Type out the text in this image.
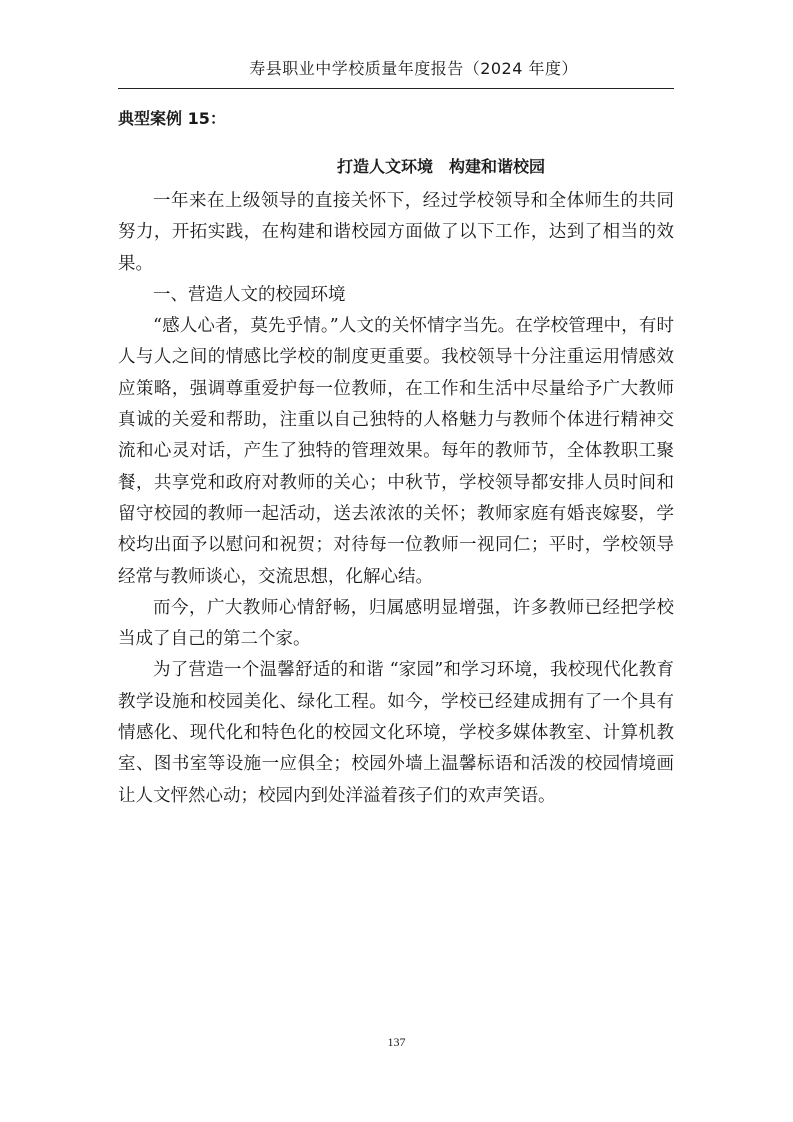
寿县职业中学校质量年度报告（2024 年度）
典型案例 15：
打造人文环境　构建和谐校园

一年来在上级领导的直接关怀下，经过学校领导和全体师生的共同努力，开拓实践，在构建和谐校园方面做了以下工作，达到了相当的效果。

一、营造人文的校园环境

“感人心者，莫先乎情。”人文的关怀情字当先。在学校管理中，有时人与人之间的情感比学校的制度更重要。我校领导十分注重运用情感效应策略，强调尊重爱护每一位教师，在工作和生活中尽量给予广大教师真诚的关爱和帮助，注重以自己独特的人格魅力与教师个体进行精神交流和心灵对话，产生了独特的管理效果。每年的教师节，全体教职工聚餐，共享党和政府对教师的关心；中秋节，学校领导都安排人员时间和留守校园的教师一起活动，送去浓浓的关怀；教师家庭有婚丧嫁娶，学校均出面予以慰问和祝贺；对待每一位教师一视同仁；平时，学校领导经常与教师谈心，交流思想，化解心结。

而今，广大教师心情舒畅，归属感明显增强，许多教师已经把学校当成了自己的第二个家。

为了营造一个温馨舒适的和谐 “家园”和学习环境，我校现代化教育教学设施和校园美化、绿化工程。如今，学校已经建成拥有了一个具有情感化、现代化和特色化的校园文化环境，学校多媒体教室、计算机教室、图书室等设施一应俱全；校园外墙上温馨标语和活泼的校园情境画让人文怦然心动；校园内到处洋溢着孩子们的欢声笑语。

137
